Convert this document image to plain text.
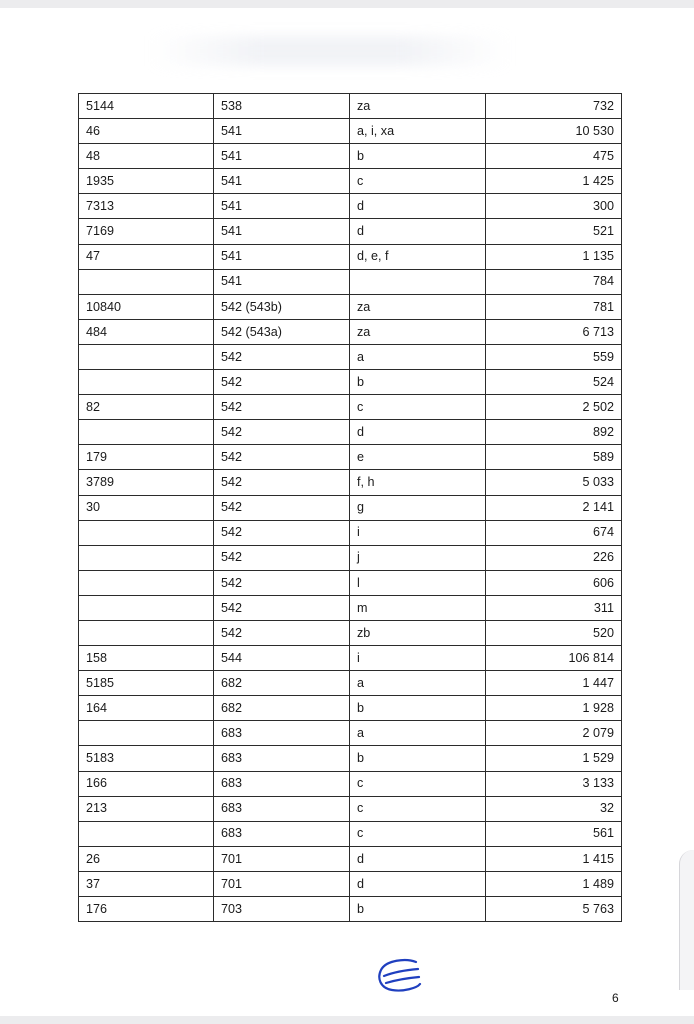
5144	538	za	732
46	541	a, i, xa	10 530
48	541	b	475
1935	541	c	1 425
7313	541	d	300
7169	541	d	521
47	541	d, e, f	1 135
	541		784
10840	542 (543b)	za	781
484	542 (543a)	za	6 713
	542	a	559
	542	b	524
82	542	c	2 502
	542	d	892
179	542	e	589
3789	542	f, h	5 033
30	542	g	2 141
	542	i	674
	542	j	226
	542	l	606
	542	m	311
	542	zb	520
158	544	i	106 814
5185	682	a	1 447
164	682	b	1 928
	683	a	2 079
5183	683	b	1 529
166	683	c	3 133
213	683	c	32
	683	c	561
26	701	d	1 415
37	701	d	1 489
176	703	b	5 763
6
